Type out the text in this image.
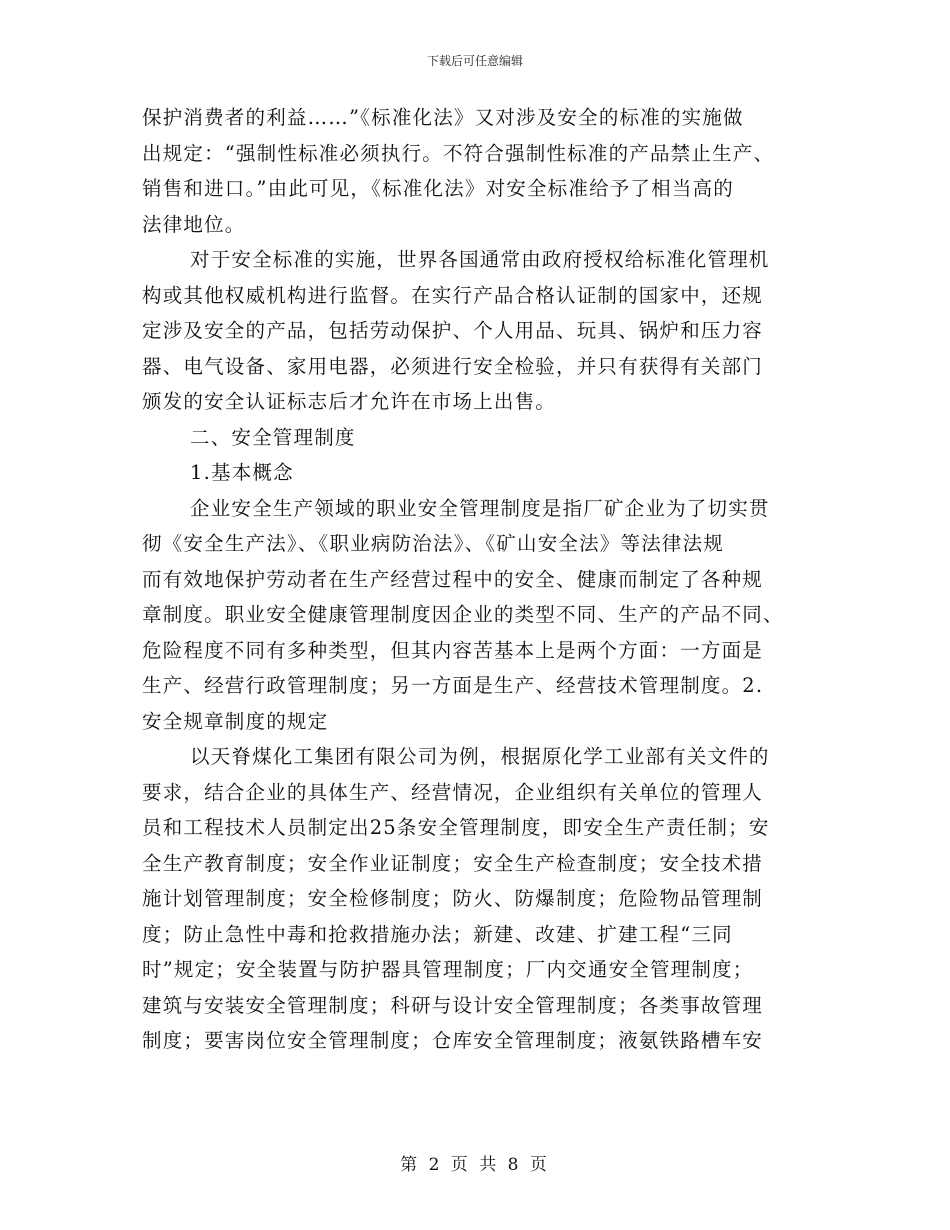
下载后可任意编辑
保护消费者的利益……”《标准化法》又对涉及安全的标准的实施做
出规定：“强制性标准必须执行。不符合强制性标准的产品禁止生产、
销售和进口。”由此可见，《标准化法》对安全标准给予了相当高的
法律地位。
对于安全标准的实施，世界各国通常由政府授权给标准化管理机
构或其他权威机构进行监督。在实行产品合格认证制的国家中，还规
定涉及安全的产品，包括劳动保护、个人用品、玩具、锅炉和压力容
器、电气设备、家用电器，必须进行安全检验，并只有获得有关部门
颁发的安全认证标志后才允许在市场上出售。
二、安全管理制度
1.基本概念
企业安全生产领域的职业安全管理制度是指厂矿企业为了切实贯
彻《安全生产法》、《职业病防治法》、《矿山安全法》等法律法规
而有效地保护劳动者在生产经营过程中的安全、健康而制定了各种规
章制度。职业安全健康管理制度因企业的类型不同、生产的产品不同、
危险程度不同有多种类型，但其内容苦基本上是两个方面：一方面是
生产、经营行政管理制度；另一方面是生产、经营技术管理制度。2.
安全规章制度的规定
以天脊煤化工集团有限公司为例，根据原化学工业部有关文件的
要求，结合企业的具体生产、经营情况，企业组织有关单位的管理人
员和工程技术人员制定出25条安全管理制度，即安全生产责任制；安
全生产教育制度；安全作业证制度；安全生产检查制度；安全技术措
施计划管理制度；安全检修制度；防火、防爆制度；危险物品管理制
度；防止急性中毒和抢救措施办法；新建、改建、扩建工程“三同
时”规定；安全装置与防护器具管理制度；厂内交通安全管理制度；
建筑与安装安全管理制度；科研与设计安全管理制度；各类事故管理
制度；要害岗位安全管理制度；仓库安全管理制度；液氨铁路槽车安
第 2 页 共 8 页
